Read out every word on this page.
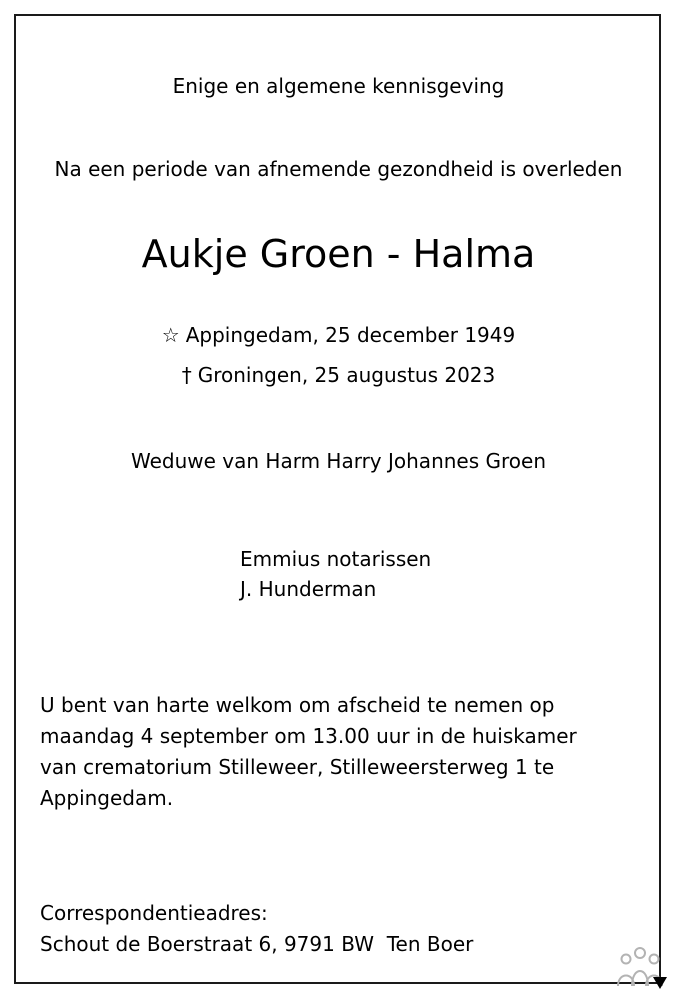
Enige en algemene kennisgeving
Na een periode van afnemende gezondheid is overleden
Aukje Groen - Halma
☆ Appingedam, 25 december 1949
† Groningen, 25 augustus 2023
Weduwe van Harm Harry Johannes Groen
Emmius notarissen
J. Hunderman
U bent van harte welkom om afscheid te nemen op
maandag 4 september om 13.00 uur in de huiskamer
van crematorium Stilleweer, Stilleweersterweg 1 te
Appingedam.
Correspondentieadres:
Schout de Boerstraat 6, 9791 BW  Ten Boer
